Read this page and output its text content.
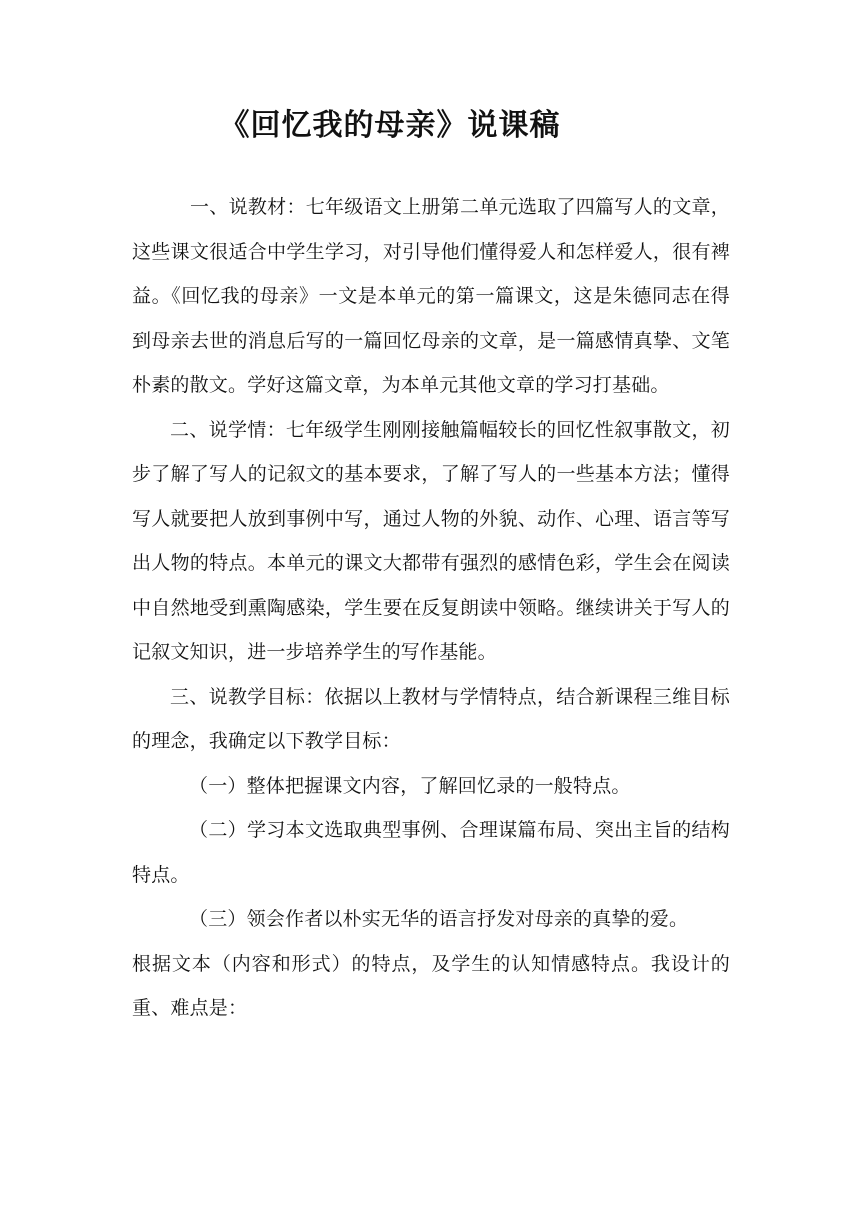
《回忆我的母亲》说课稿

一、说教材：七年级语文上册第二单元选取了四篇写人的文章，这些课文很适合中学生学习，对引导他们懂得爱人和怎样爱人，很有裨益。《回忆我的母亲》一文是本单元的第一篇课文，这是朱德同志在得到母亲去世的消息后写的一篇回忆母亲的文章，是一篇感情真挚、文笔朴素的散文。学好这篇文章，为本单元其他文章的学习打基础。

二、说学情：七年级学生刚刚接触篇幅较长的回忆性叙事散文，初步了解了写人的记叙文的基本要求，了解了写人的一些基本方法；懂得写人就要把人放到事例中写，通过人物的外貌、动作、心理、语言等写出人物的特点。本单元的课文大都带有强烈的感情色彩，学生会在阅读中自然地受到熏陶感染，学生要在反复朗读中领略。继续讲关于写人的记叙文知识，进一步培养学生的写作基能。

三、说教学目标：依据以上教材与学情特点，结合新课程三维目标的理念，我确定以下教学目标：

（一）整体把握课文内容，了解回忆录的一般特点。

（二）学习本文选取典型事例、合理谋篇布局、突出主旨的结构特点。

（三）领会作者以朴实无华的语言抒发对母亲的真挚的爱。

根据文本（内容和形式）的特点，及学生的认知情感特点。我设计的重、难点是：
